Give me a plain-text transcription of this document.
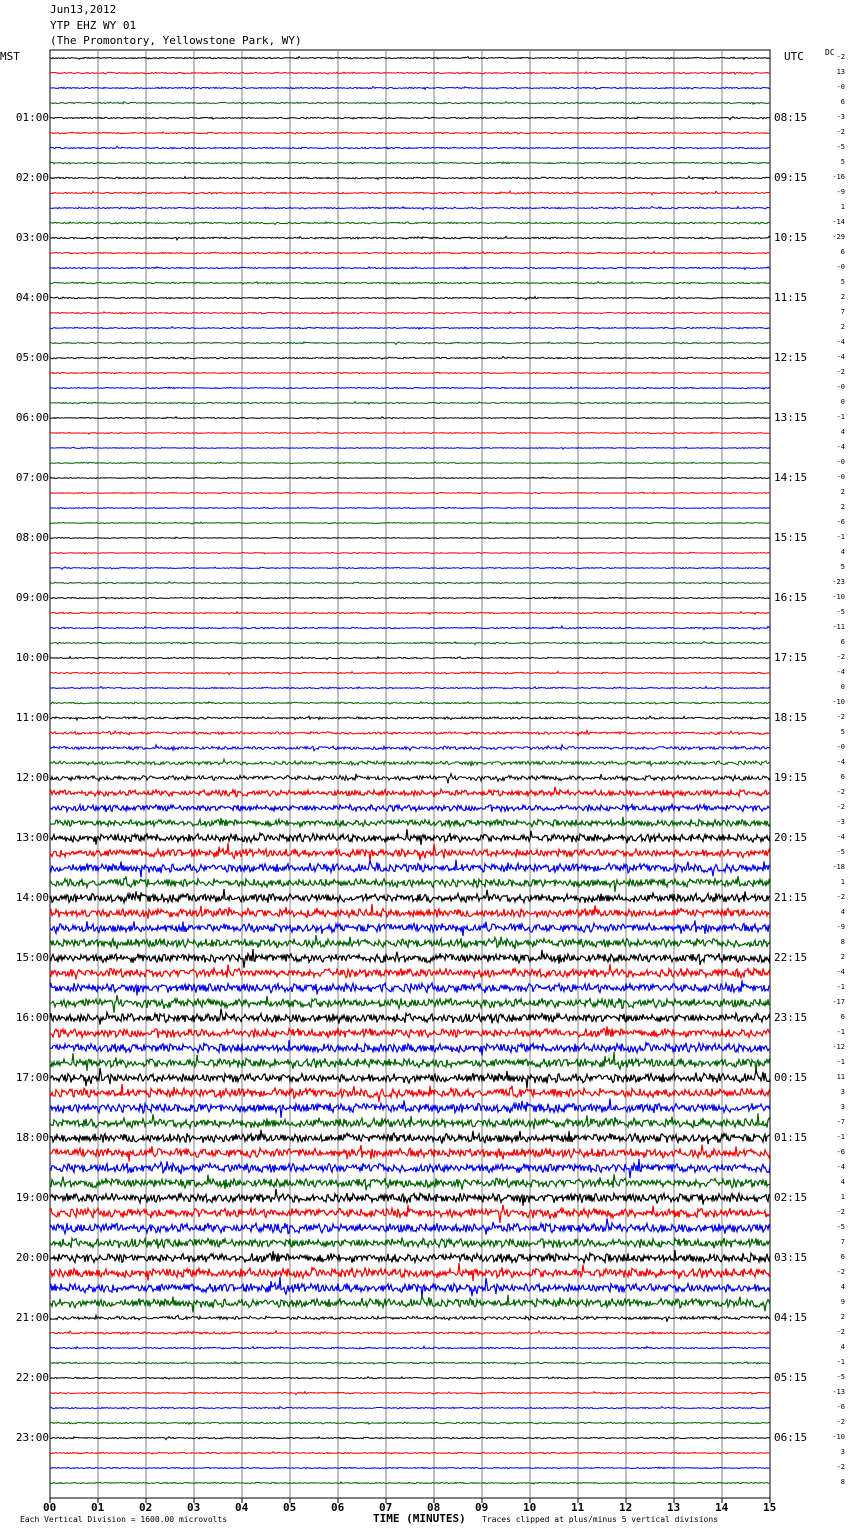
Jun13,2012
YTP EHZ WY 01
(The Promontory, Yellowstone Park, WY)
MST	UTC	DC
01:00
02:00
03:00
04:00
05:00
06:00
07:00
08:00
09:00
10:00
11:00
12:00
13:00
14:00
15:00
16:00
17:00
18:00
19:00
20:00
21:00
22:00
23:00
08:15
09:15
10:15
11:15
12:15
13:15
14:15
15:15
16:15
17:15
18:15
19:15
20:15
21:15
22:15
23:15
00:15
01:15
02:15
03:15
04:15
05:15
06:15
-2
13
-0
6
-3
-2
-5
5
-16
-9
1
-14
-29
6
-0
5
2
7
2
-4
-4
-2
-0
0
-1
4
-4
-0
-0
2
2
-6
-1
4
5
-23
-10
-5
-11
6
-2
-4
0
-10
-2
5
-0
-4
6
-2
-2
-3
-4
-5
-18
1
-2
4
-9
8
2
-4
-1
-17
6
-1
-12
-1
11
3
3
-7
-1
-6
-4
4
1
-2
-5
7
6
-2
4
9
2
-2
4
-1
-5
-13
-6
-2
-10
3
-2
8
00	01	02	03	04	05	06	07	08	09	10	11	12	13	14	15
TIME (MINUTES)
Each Vertical Division = 1600.00 microvolts	Traces clipped at plus/minus 5 vertical divisions
